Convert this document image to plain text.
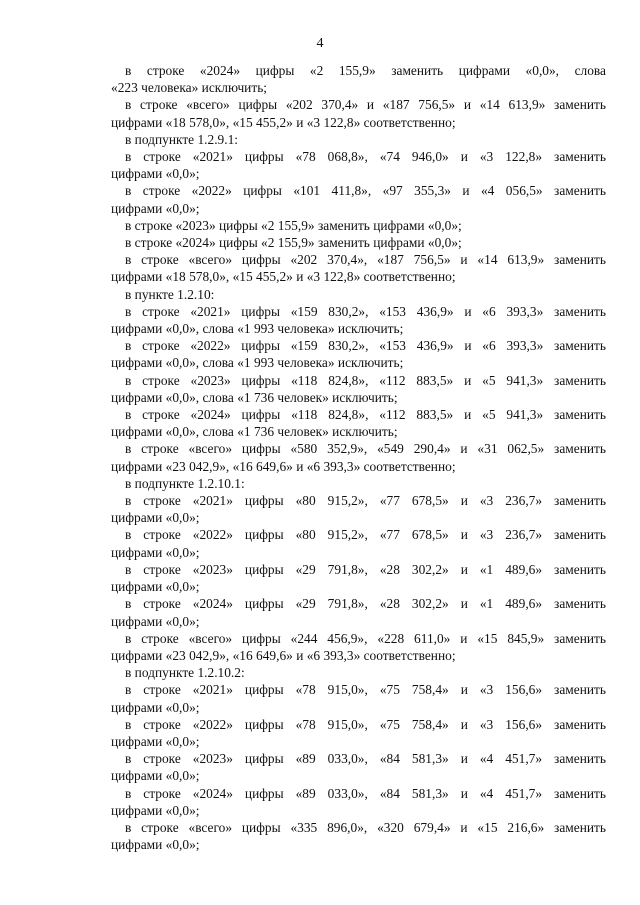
4
в строке «2024» цифры «2 155,9» заменить цифрами «0,0», слова
«223 человека» исключить;
в строке «всего» цифры «202 370,4» и «187 756,5» и «14 613,9» заменить
цифрами «18 578,0», «15 455,2» и «3 122,8» соответственно;
в подпункте 1.2.9.1:
в строке «2021» цифры «78 068,8», «74 946,0» и «3 122,8» заменить
цифрами «0,0»;
в строке «2022» цифры «101 411,8», «97 355,3» и «4 056,5» заменить
цифрами «0,0»;
в строке «2023» цифры «2 155,9» заменить цифрами «0,0»;
в строке «2024» цифры «2 155,9» заменить цифрами «0,0»;
в строке «всего» цифры «202 370,4», «187 756,5» и «14 613,9» заменить
цифрами «18 578,0», «15 455,2» и «3 122,8» соответственно;
в пункте 1.2.10:
в строке «2021» цифры «159 830,2», «153 436,9» и «6 393,3» заменить
цифрами «0,0», слова «1 993 человека» исключить;
в строке «2022» цифры «159 830,2», «153 436,9» и «6 393,3» заменить
цифрами «0,0», слова «1 993 человека» исключить;
в строке «2023» цифры «118 824,8», «112 883,5» и «5 941,3» заменить
цифрами «0,0», слова «1 736 человек» исключить;
в строке «2024» цифры «118 824,8», «112 883,5» и «5 941,3» заменить
цифрами «0,0», слова «1 736 человек» исключить;
в строке «всего» цифры «580 352,9», «549 290,4» и «31 062,5» заменить
цифрами «23 042,9», «16 649,6» и «6 393,3» соответственно;
в подпункте 1.2.10.1:
в строке «2021» цифры «80 915,2», «77 678,5» и «3 236,7» заменить
цифрами «0,0»;
в строке «2022» цифры «80 915,2», «77 678,5» и «3 236,7» заменить
цифрами «0,0»;
в строке «2023» цифры «29 791,8», «28 302,2» и «1 489,6» заменить
цифрами «0,0»;
в строке «2024» цифры «29 791,8», «28 302,2» и «1 489,6» заменить
цифрами «0,0»;
в строке «всего» цифры «244 456,9», «228 611,0» и «15 845,9» заменить
цифрами «23 042,9», «16 649,6» и «6 393,3» соответственно;
в подпункте 1.2.10.2:
в строке «2021» цифры «78 915,0», «75 758,4» и «3 156,6» заменить
цифрами «0,0»;
в строке «2022» цифры «78 915,0», «75 758,4» и «3 156,6» заменить
цифрами «0,0»;
в строке «2023» цифры «89 033,0», «84 581,3» и «4 451,7» заменить
цифрами «0,0»;
в строке «2024» цифры «89 033,0», «84 581,3» и «4 451,7» заменить
цифрами «0,0»;
в строке «всего» цифры «335 896,0», «320 679,4» и «15 216,6» заменить
цифрами «0,0»;
